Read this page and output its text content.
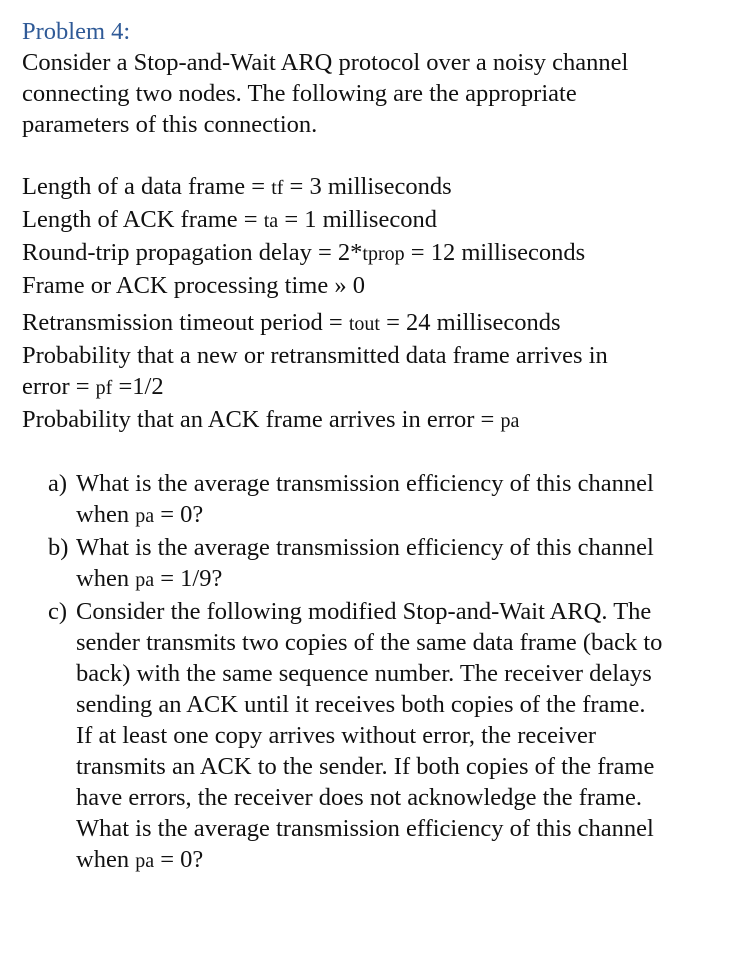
Problem 4:
Consider a Stop-and-Wait ARQ protocol over a noisy channel
connecting two nodes. The following are the appropriate
parameters of this connection.
Length of a data frame = tf = 3 milliseconds
Length of ACK frame = ta = 1 millisecond
Round-trip propagation delay = 2*tprop = 12 milliseconds
Frame or ACK processing time » 0
Retransmission timeout period = tout = 24 milliseconds
Probability that a new or retransmitted data frame arrives in
error = pf =1/2
Probability that an ACK frame arrives in error = pa
a) What is the average transmission efficiency of this channel
when pa = 0?
b) What is the average transmission efficiency of this channel
when pa = 1/9?
c) Consider the following modified Stop-and-Wait ARQ. The
sender transmits two copies of the same data frame (back to
back) with the same sequence number. The receiver delays
sending an ACK until it receives both copies of the frame.
If at least one copy arrives without error, the receiver
transmits an ACK to the sender. If both copies of the frame
have errors, the receiver does not acknowledge the frame.
What is the average transmission efficiency of this channel
when pa = 0?
